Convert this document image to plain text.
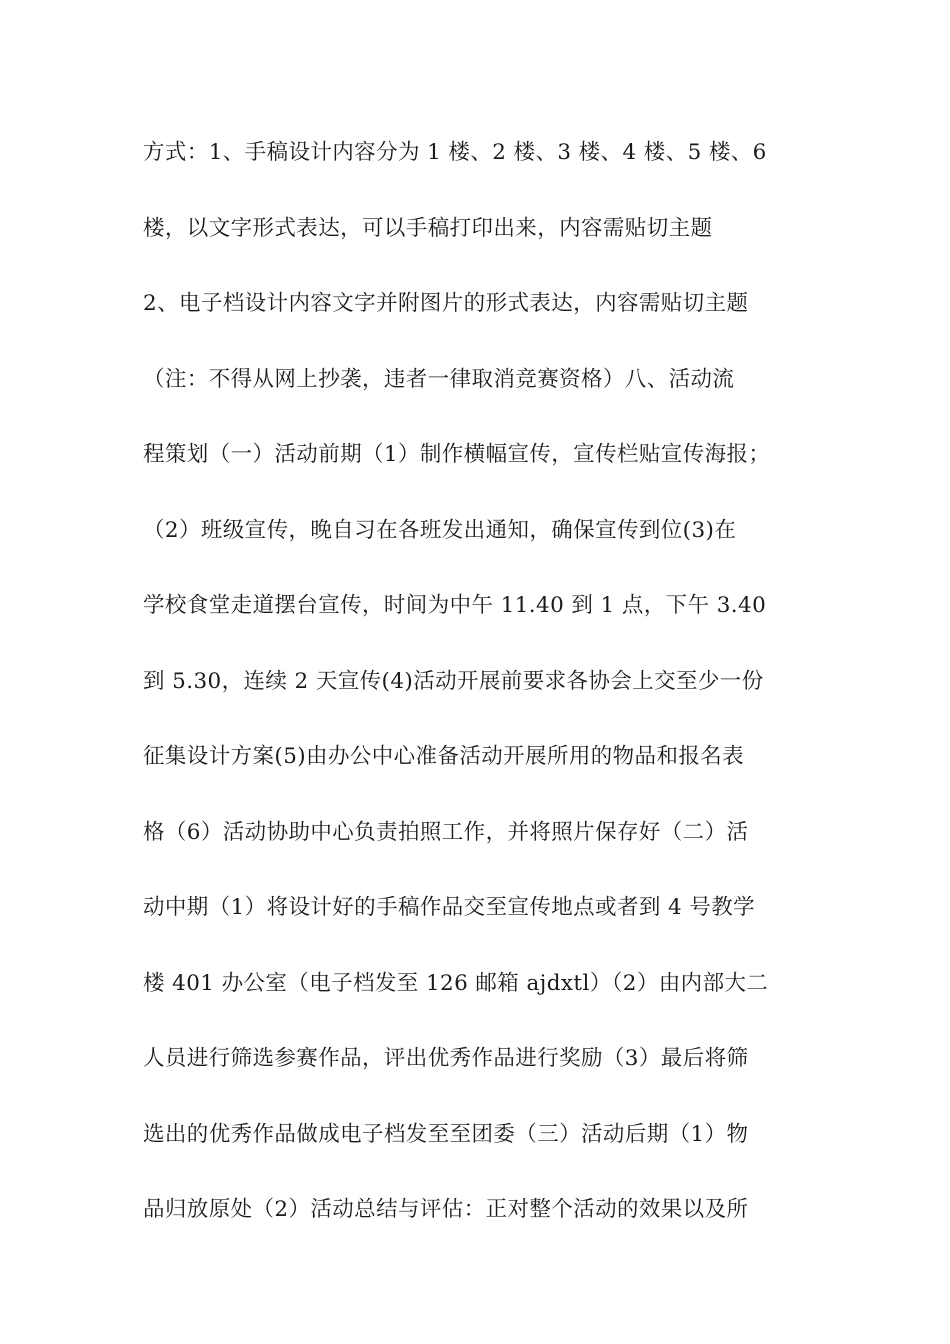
方式：1、手稿设计内容分为 1 楼、2 楼、3 楼、4 楼、5 楼、6
楼，以文字形式表达，可以手稿打印出来，内容需贴切主题
2、电子档设计内容文字并附图片的形式表达，内容需贴切主题
（注：不得从网上抄袭，违者一律取消竞赛资格）八、活动流
程策划（一）活动前期（1）制作横幅宣传，宣传栏贴宣传海报；
（2）班级宣传，晚自习在各班发出通知，确保宣传到位(3)在
学校食堂走道摆台宣传，时间为中午 11.40 到 1 点，下午 3.40
到 5.30，连续 2 天宣传(4)活动开展前要求各协会上交至少一份
征集设计方案(5)由办公中心准备活动开展所用的物品和报名表
格（6）活动协助中心负责拍照工作，并将照片保存好（二）活
动中期（1）将设计好的手稿作品交至宣传地点或者到 4 号教学
楼 401 办公室（电子档发至 126 邮箱 ajdxtl）（2）由内部大二
人员进行筛选参赛作品，评出优秀作品进行奖励（3）最后将筛
选出的优秀作品做成电子档发至至团委（三）活动后期（1）物
品归放原处（2）活动总结与评估：正对整个活动的效果以及所
